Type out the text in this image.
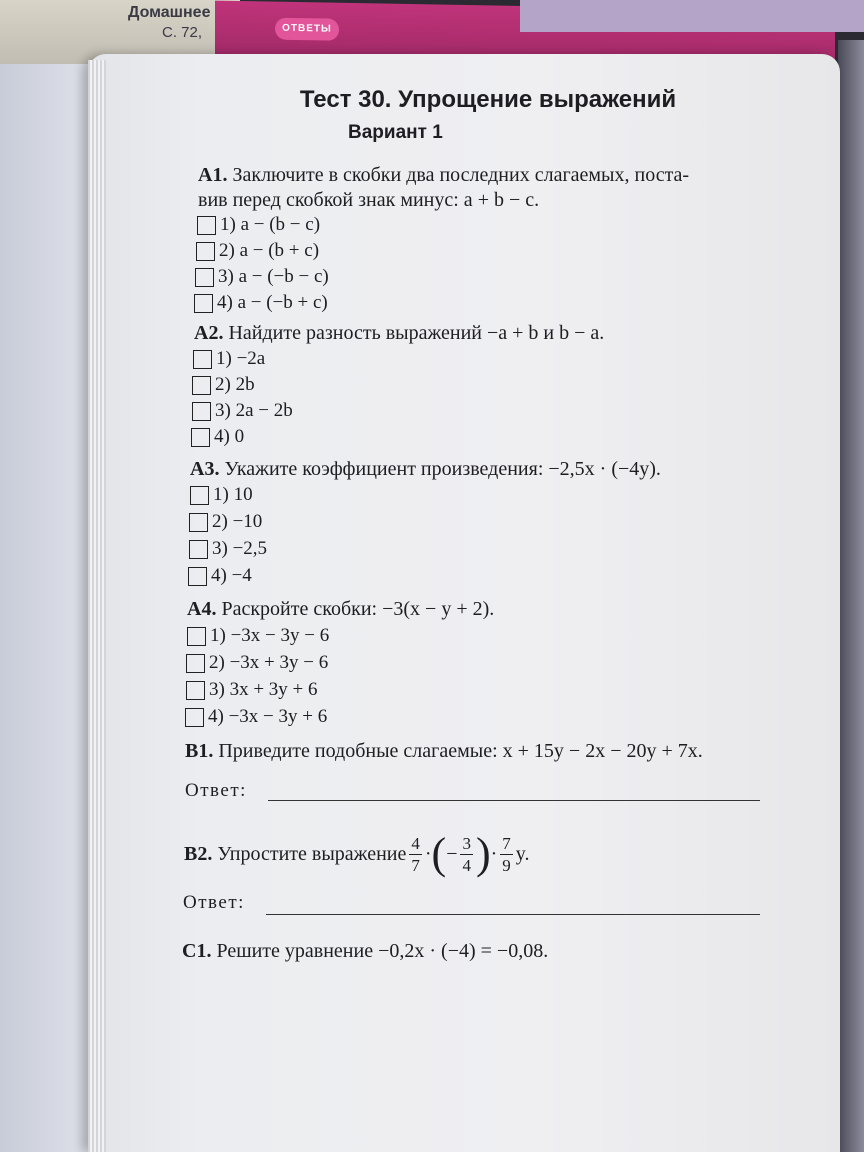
Домашнее
С. 72,	ОТВЕТЫ
Тест 30. Упрощение выражений
Вариант 1
А1. Заключите в скобки два последних слагаемых, поста-
вив перед скобкой знак минус: a + b − c.
1) a − (b − c)
2) a − (b + c)
3) a − (−b − c)
4) a − (−b + c)
А2. Найдите разность выражений −a + b и b − a.
1) −2a
2) 2b
3) 2a − 2b
4) 0
А3. Укажите коэффициент произведения: −2,5x · (−4y).
1) 10
2) −10
3) −2,5
4) −4
А4. Раскройте скобки: −3(x − y + 2).
1) −3x − 3y − 6
2) −3x + 3y − 6
3) 3x + 3y + 6
4) −3x − 3y + 6
В1. Приведите подобные слагаемые: x + 15y − 2x − 20y + 7x.
Ответ:
В2. Упростите выражение $\frac{4}{7}$ · ( − $\frac{3}{4}$ ) · $\frac{7}{9} y$.
Ответ:
С1. Решите уравнение −0,2x · (−4) = −0,08.
